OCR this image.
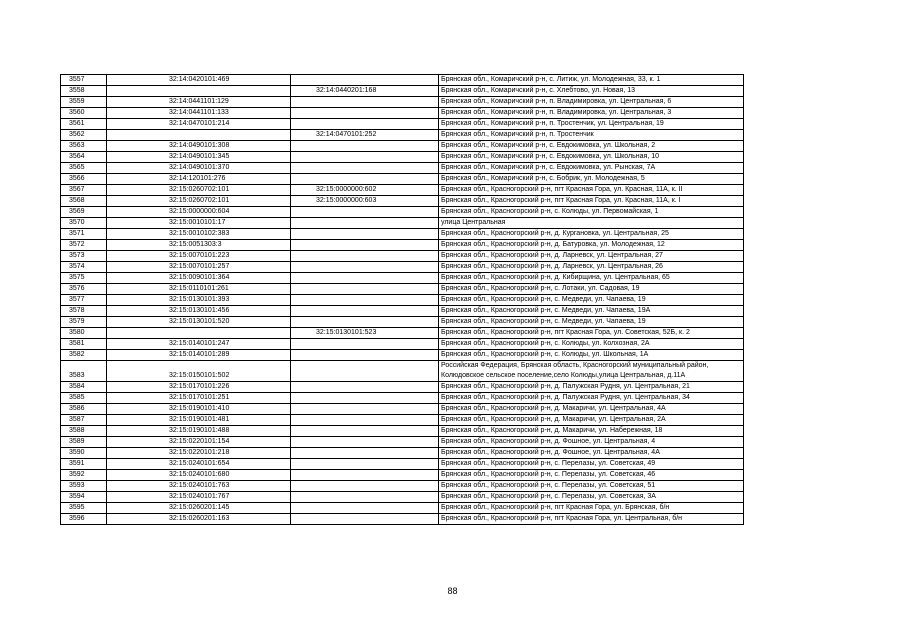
3557	32:14:0420101:469		Брянская обл., Комаричский р-н, с. Литиж, ул. Молодежная, 33, к. 1
3558		32:14:0440201:168	Брянская обл., Комаричский р-н, с. Хлебтово, ул. Новая, 13
3559	32:14:0441101:129		Брянская обл., Комаричский р-н, п. Владимировка, ул. Центральная, 6
3560	32:14:0441101:133		Брянская обл., Комаричский р-н, п. Владимировка, ул. Центральная, 3
3561	32:14:0470101:214		Брянская обл., Комаричский р-н, п. Тростенчик, ул. Центральная, 19
3562		32:14:0470101:252	Брянская обл., Комаричский р-н, п. Тростенчик
3563	32:14:0490101:308		Брянская обл., Комаричский р-н, с. Евдокимовка, ул. Школьная, 2
3564	32:14:0490101:345		Брянская обл., Комаричский р-н, с. Евдокимовка, ул. Школьная, 10
3565	32:14:0490101:370		Брянская обл., Комаричский р-н, с. Евдокимовка, ул. Рынская, 7А
3566	32:14:120101:276		Брянская обл., Комаричский р-н, с. Бобрик, ул. Молодежная, 5
3567	32:15:0260702:101	32:15:0000000:602	Брянская обл., Красногорский р-н, пгт Красная Гора, ул. Красная, 11А, к. II
3568	32:15:0260702:101	32:15:0000000:603	Брянская обл., Красногорский р-н, пгт Красная Гора, ул. Красная, 11А, к. I
3569	32:15:0000000:604		Брянская обл., Красногорский р-н, с. Колюды, ул. Первомайская, 1
3570	32:15:0010101:17		улица Центральная
3571	32:15:0010102:383		Брянская обл., Красногорский р-н, д. Кургановка, ул. Центральная, 25
3572	32:15:0051303:3		Брянская обл., Красногорский р-н, д. Батуровка, ул. Молодежная, 12
3573	32:15:0070101:223		Брянская обл., Красногорский р-н, д. Ларневск, ул. Центральная, 27
3574	32:15:0070101:257		Брянская обл., Красногорский р-н, д. Ларневск, ул. Центральная, 26
3575	32:15:0090101:364		Брянская обл., Красногорский р-н, д. Кибирщина, ул. Центральная, 65
3576	32:15:0110101:261		Брянская обл., Красногорский р-н, с. Лотаки, ул. Садовая, 19
3577	32:15:0130101:393		Брянская обл., Красногорский р-н, с. Медведи, ул. Чапаева, 19
3578	32:15:0130101:456		Брянская обл., Красногорский р-н, с. Медведи, ул. Чапаева, 19А
3579	32:15:0130101:520		Брянская обл., Красногорский р-н, с. Медведи, ул. Чапаева, 19
3580		32:15:0130101:523	Брянская обл., Красногорский р-н, пгт Красная Гора, ул. Советская, 52Б, к. 2
3581	32:15:0140101:247		Брянская обл., Красногорский р-н, с. Колюды, ул. Колхозная, 2А
3582	32:15:0140101:289		Брянская обл., Красногорский р-н, с. Колюды, ул. Школьная, 1А
3583	32:15:0150101:502		Российская Федерация, Брянская область, Красногорский муниципальный район, Колюдовское сельское поселение,село Колюды,улица Центральная, д.11А
3584	32:15:0170101:226		Брянская обл., Красногорский р-н, д. Палужская Рудня, ул. Центральная, 21
3585	32:15:0170101:251		Брянская обл., Красногорский р-н, д. Палужская Рудня, ул. Центральная, 34
3586	32:15:0190101:410		Брянская обл., Красногорский р-н, д. Макаричи, ул. Центральная, 4А
3587	32:15:0190101:481		Брянская обл., Красногорский р-н, д. Макаричи, ул. Центральная, 2А
3588	32:15:0190101:488		Брянская обл., Красногорский р-н, д. Макаричи, ул. Набережная, 18
3589	32:15:0220101:154		Брянская обл., Красногорский р-н, д. Фошное, ул. Центральная, 4
3590	32:15:0220101:218		Брянская обл., Красногорский р-н, д. Фошное, ул. Центральная, 4А
3591	32:15:0240101:654		Брянская обл., Красногорский р-н, с. Перелазы, ул. Советская, 49
3592	32:15:0240101:680		Брянская обл., Красногорский р-н, с. Перелазы, ул. Советская, 46
3593	32:15:0240101:763		Брянская обл., Красногорский р-н, с. Перелазы, ул. Советская, 51
3594	32:15:0240101:767		Брянская обл., Красногорский р-н, с. Перелазы, ул. Советская, 3А
3595	32:15:0260201:145		Брянская обл., Красногорский р-н, пгт Красная Гора, ул. Брянская, б/н
3596	32:15:0260201:163		Брянская обл., Красногорский р-н, пгт Красная Гора, ул. Центральная, б/н
88
